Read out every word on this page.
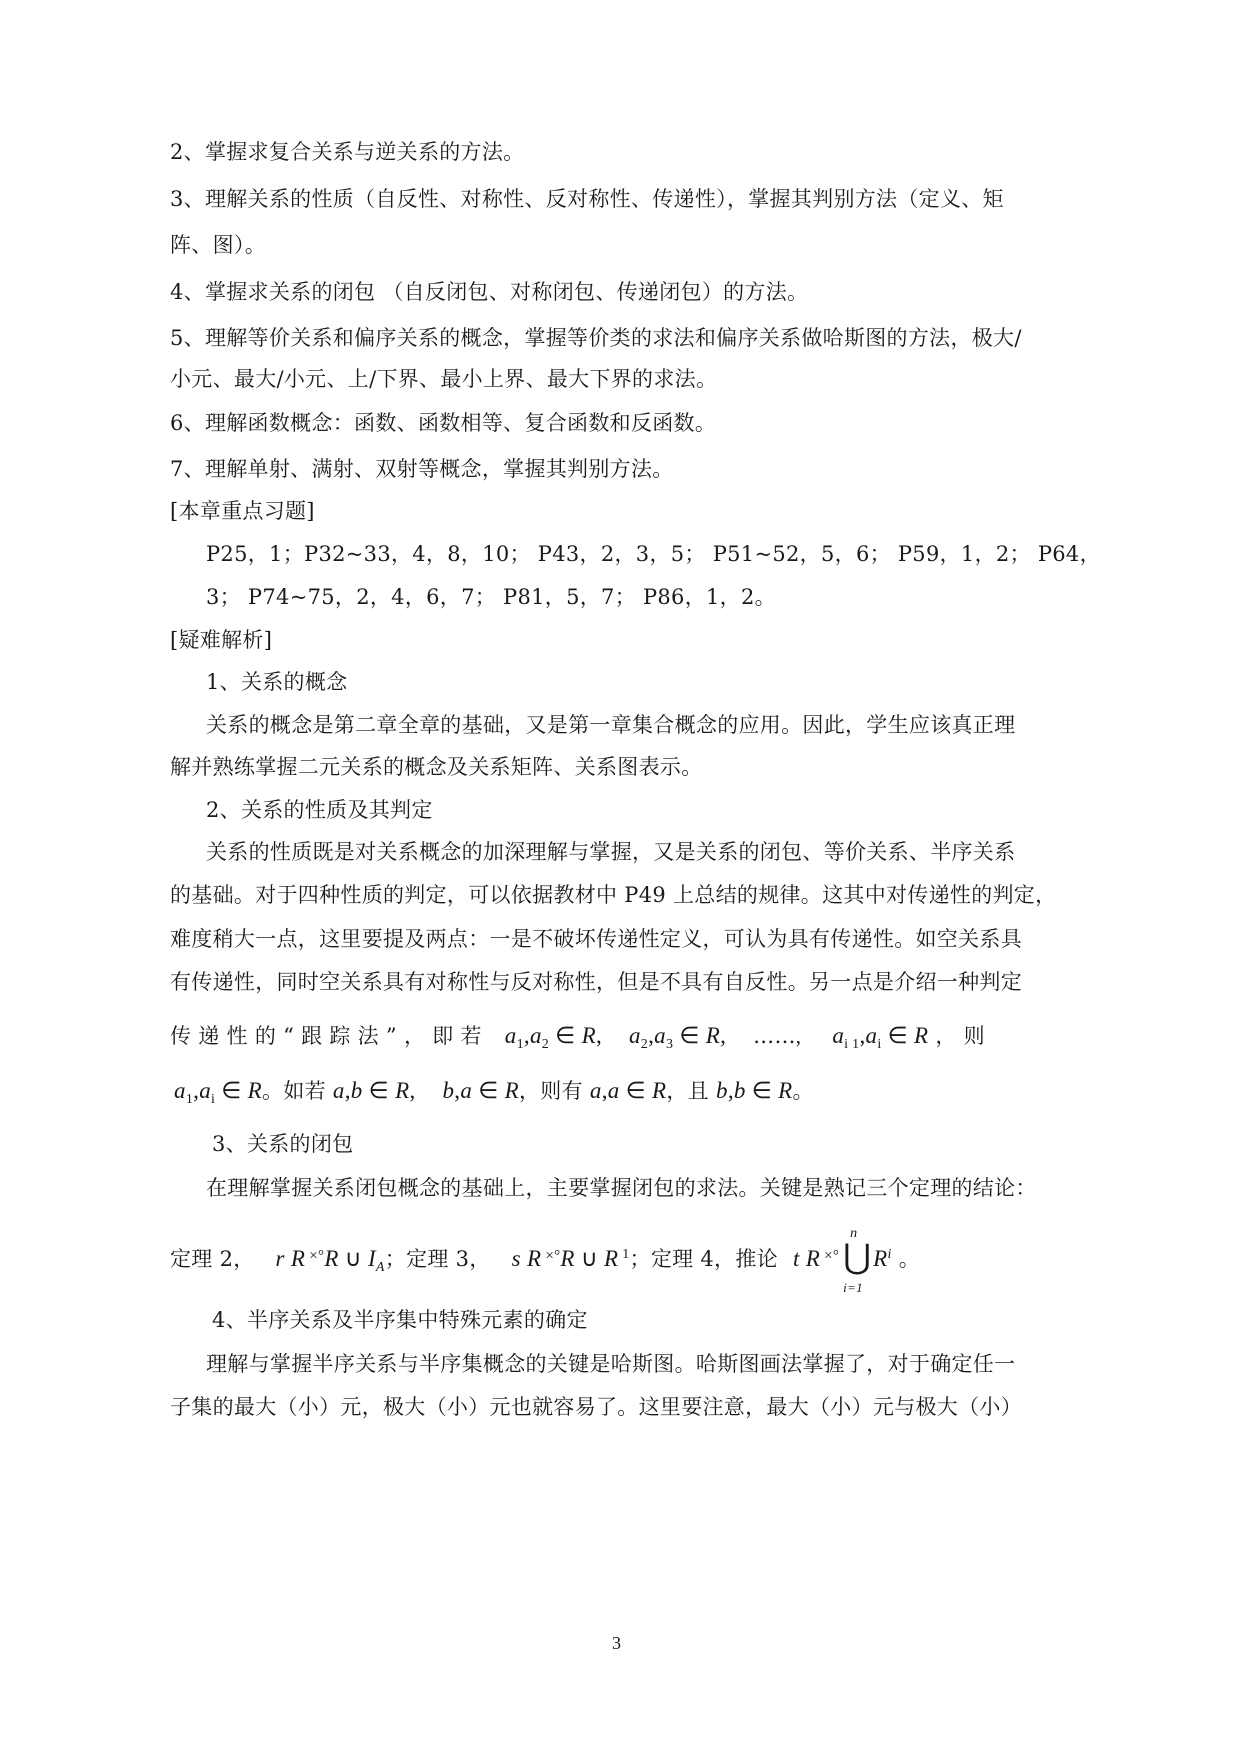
2、掌握求复合关系与逆关系的方法。
3、理解关系的性质（自反性、对称性、反对称性、传递性），掌握其判别方法（定义、矩
阵、图）。
4、掌握求关系的闭包 （自反闭包、对称闭包、传递闭包）的方法。
5、理解等价关系和偏序关系的概念，掌握等价类的求法和偏序关系做哈斯图的方法，极大/
小元、最大/小元、上/下界、最小上界、最大下界的求法。
6、理解函数概念：函数、函数相等、复合函数和反函数。
7、理解单射、满射、双射等概念，掌握其判别方法。
[本章重点习题]
P25，1；P32~33，4，8，10； P43，2，3，5； P51~52，5，6； P59，1，2； P64，
3； P74~75，2，4，6，7； P81，5，7； P86，1，2。
[疑难解析]
1、关系的概念
关系的概念是第二章全章的基础，又是第一章集合概念的应用。因此，学生应该真正理
解并熟练掌握二元关系的概念及关系矩阵、关系图表示。
2、关系的性质及其判定
关系的性质既是对关系概念的加深理解与掌握，又是关系的闭包、等价关系、半序关系
的基础。对于四种性质的判定，可以依据教材中 P49 上总结的规律。这其中对传递性的判定，
难度稍大一点，这里要提及两点：一是不破坏传递性定义，可认为具有传递性。如空关系具
有传递性，同时空关系具有对称性与反对称性，但是不具有自反性。另一点是介绍一种判定
传 递 性 的 “ 跟 踪 法 ” ， 即 若 $a_1,a_2$ ∈ R, $a_2,a_3$ ∈ R, ……, $a_{i 1},a_i$ ∈ R ， 则
$a_1,a_i$ ∈ R。如若 a,b ∈ R, b,a ∈ R，则有 a,a ∈ R，且 b,b ∈ R。
3、关系的闭包
在理解掌握关系闭包概念的基础上，主要掌握闭包的求法。关键是熟记三个定理的结论：
定理 2， r R ×°R ∪ $I_A$；定理 3， s R ×°R ∪ R $^1$；定理 4，推论 t R ×°
n
⋃
i=1
$R^i$ 。
4、半序关系及半序集中特殊元素的确定
理解与掌握半序关系与半序集概念的关键是哈斯图。哈斯图画法掌握了，对于确定任一
子集的最大（小）元，极大（小）元也就容易了。这里要注意，最大（小）元与极大（小）
3
